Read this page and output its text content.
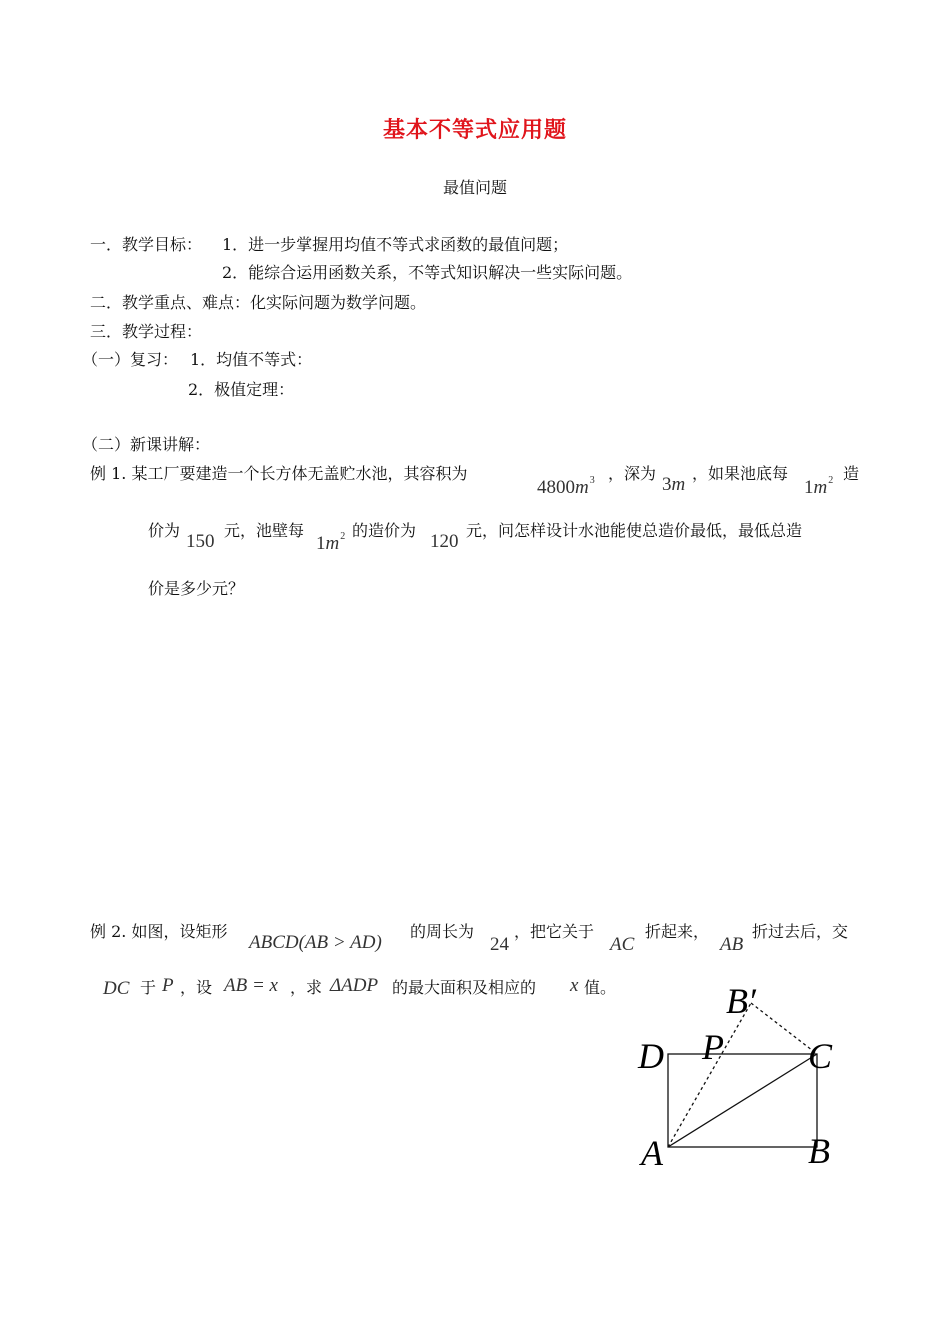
基本不等式应用题
最值问题
一．教学目标： 1．进一步掌握用均值不等式求函数的最值问题；
2．能综合运用函数关系，不等式知识解决一些实际问题。
二．教学重点、难点：化实际问题为数学问题。
三．教学过程：
（一）复习： 1．均值不等式：
2．极值定理：
（二）新课讲解：
例 1. 某工厂要建造一个长方体无盖贮水池，其容积为
$4800m^3$ ，深为
3m
，如果池底每
$1m^2$ 造
价为
150
元，池壁每
$1m^2$ 的造价为
120
元，问怎样设计水池能使总造价最低，最低总造
价是多少元？
例 2. 如图，设矩形
ABCD(AB > AD)
的周长为
24
，把它关于
AC
折起来，
AB
折过去后，交
DC 于 P ，设 AB = x ，求 ΔADP 的最大面积及相应的 x 值。	B′
P
D	C
A	B
